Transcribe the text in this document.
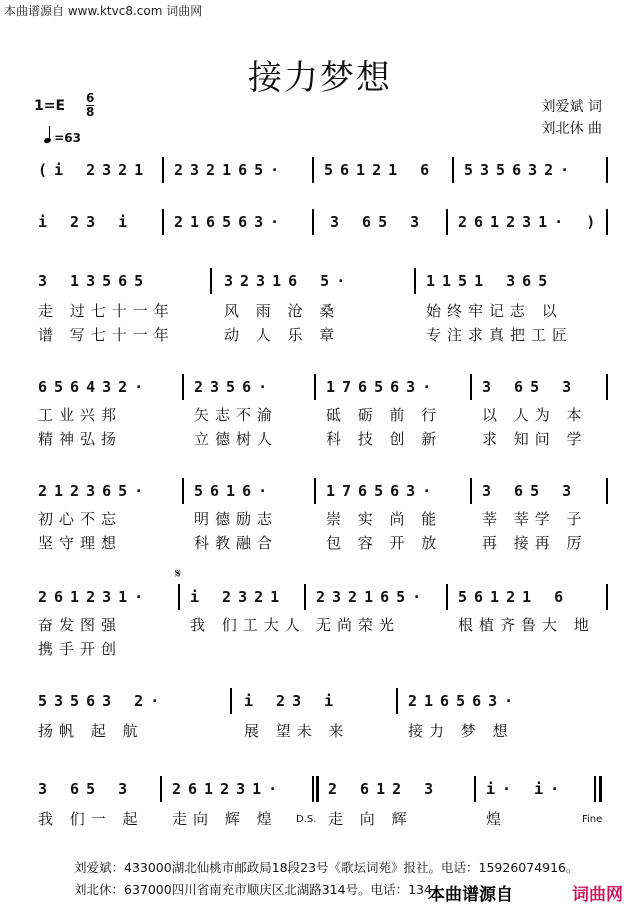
本曲谱源自 www.ktvc8.com 词曲网
接力梦想
1=E 6
8
=63
刘爱斌 词
刘北休 曲
(i 2321 232165·	56121 6 535632·
i 23 i	216563·	3 65 3 261231· )
3 13565	32316 5·	1151 365
走 过七十一年	风 雨 沧 桑	始终牢记志 以
谱 写七十一年	动 人 乐 章	专注求真把工匠
656432·	2356·	176563·	3 65 3
工业兴邦	矢志不渝	砥 砺 前 行	以 人为 本
精神弘扬	立德树人	科 技 创 新	求 知问 学
212365·	5616·	176563·	3 65 3
初心不忘	明德励志	崇 实 尚 能	莘 莘学 子
坚守理想	科教融合	包 容 开 放	再 接再 厉
𝄋
261231·	i 2321 232165· 56121 6
奋发图强	我 们工大人 无尚荣光	根植齐鲁大 地
携手开创
53563 2·	i 23 i	216563·
扬帆 起 航	展 望未 来	接力 梦 想
3 65 3	261231·	2 612 3	i· i·
我 们一 起 走向 辉 煌 D.S. 走 向 辉	煌	Fine
刘爱斌：433000湖北仙桃市邮政局18段23号《歌坛词苑》报社。电话：15926074916。
刘北休：637000四川省南充市顺庆区北湖路314号。电话：134
本曲谱源自	词曲网
